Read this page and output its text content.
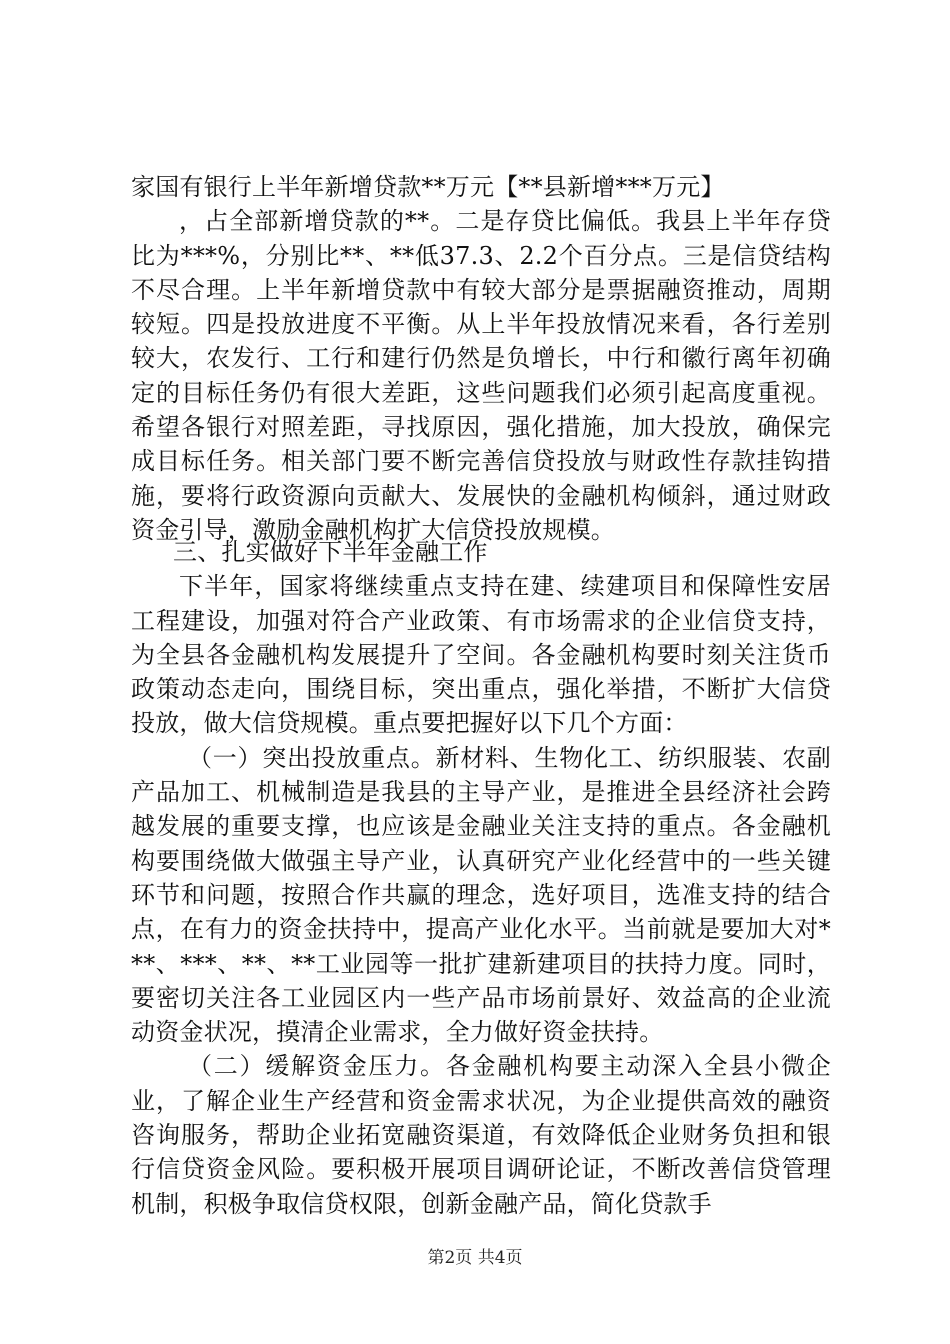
家国有银行上半年新增贷款**万元【**县新增***万元】

，占全部新增贷款的**。二是存贷比偏低。我县上半年存贷比为***%，分别比**、**低37.3、2.2个百分点。三是信贷结构不尽合理。上半年新增贷款中有较大部分是票据融资推动，周期较短。四是投放进度不平衡。从上半年投放情况来看，各行差别较大，农发行、工行和建行仍然是负增长，中行和徽行离年初确定的目标任务仍有很大差距，这些问题我们必须引起高度重视。希望各银行对照差距，寻找原因，强化措施，加大投放，确保完成目标任务。相关部门要不断完善信贷投放与财政性存款挂钩措施，要将行政资源向贡献大、发展快的金融机构倾斜，通过财政资金引导，激励金融机构扩大信贷投放规模。

三、扎实做好下半年金融工作

下半年，国家将继续重点支持在建、续建项目和保障性安居工程建设，加强对符合产业政策、有市场需求的企业信贷支持，为全县各金融机构发展提升了空间。各金融机构要时刻关注货币政策动态走向，围绕目标，突出重点，强化举措，不断扩大信贷投放，做大信贷规模。重点要把握好以下几个方面：

（一）突出投放重点。新材料、生物化工、纺织服装、农副产品加工、机械制造是我县的主导产业，是推进全县经济社会跨越发展的重要支撑，也应该是金融业关注支持的重点。各金融机构要围绕做大做强主导产业，认真研究产业化经营中的一些关键环节和问题，按照合作共赢的理念，选好项目，选准支持的结合点，在有力的资金扶持中，提高产业化水平。当前就是要加大对***、***、**、**工业园等一批扩建新建项目的扶持力度。同时，要密切关注各工业园区内一些产品市场前景好、效益高的企业流动资金状况，摸清企业需求，全力做好资金扶持。

（二）缓解资金压力。各金融机构要主动深入全县小微企业，了解企业生产经营和资金需求状况，为企业提供高效的融资咨询服务，帮助企业拓宽融资渠道，有效降低企业财务负担和银行信贷资金风险。要积极开展项目调研论证，不断改善信贷管理机制，积极争取信贷权限，创新金融产品，简化贷款手

第2页 共4页
